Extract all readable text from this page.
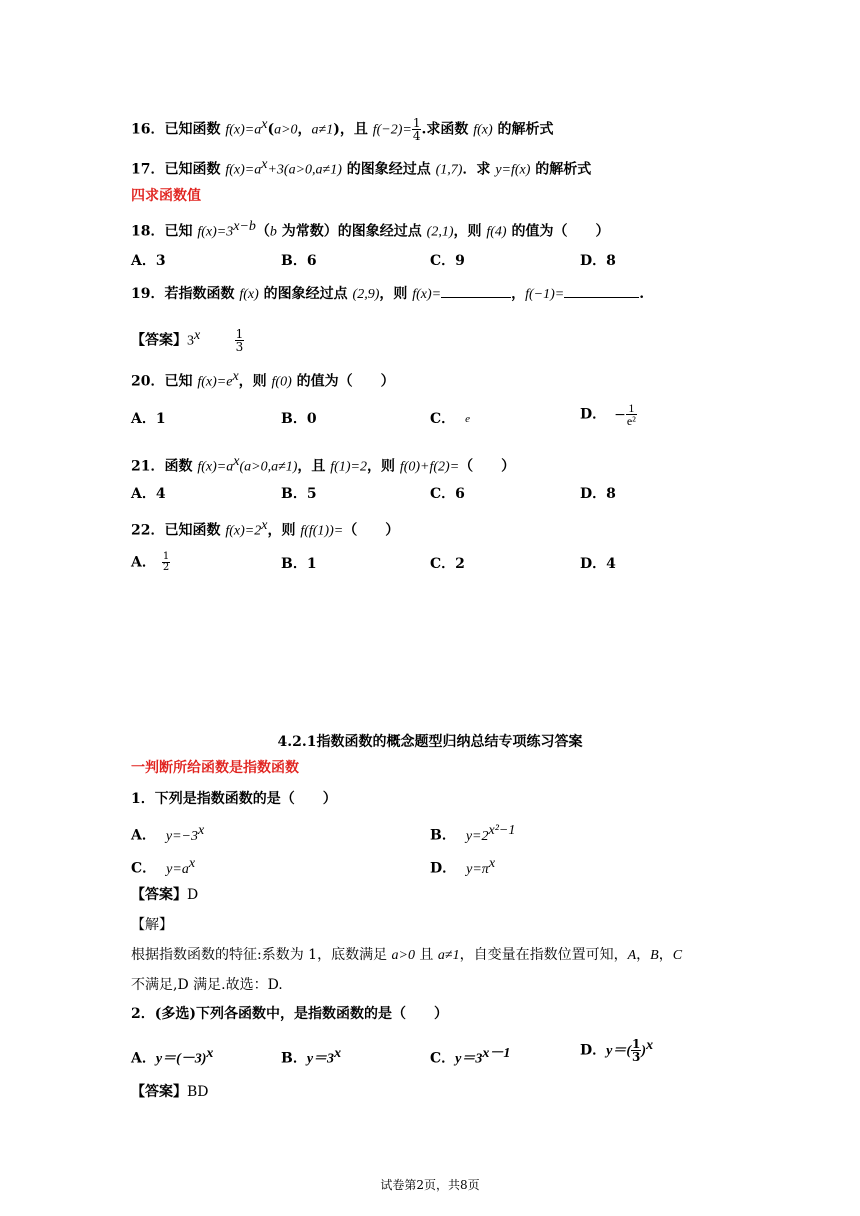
16．已知函数 $f(x)=a^x(a>0$，a≠1)，且 $f(-2)= \frac{1}{4}$ .求函数 f(x) 的解析式
17．已知函数 $f(x)=a^x+3(a>0,a\ne 1)$ 的图象经过点 (1,7)．求 y=f(x) 的解析式
四求函数值
18．已知 $f(x)=3^{x-b}(b$ 为常数）的图象经过点 (2,1)，则 f(4) 的值为（　　）
A．3	B．6	C．9	D．8
19．若指数函数 f(x) 的图象经过点 (2,9)，则 f(x)=	，f(−1)=	.
【答案】3$^x$	$\frac{1}{3}$
20．已知 $f(x)=e^x$，则 f(0) 的值为（　　）
A．1	B．0	C． $^e$	D． − $\frac{1}{\text{e²}}$
21．函数 $f(x)=a^x(a>0,a\ne 1)$，且 f(1)=2，则 f(0)+f(2)=（　　）
A．4	B．5	C．6	D．8
22．已知函数 $f(x)=2^x$，则 f(f(1))=（　　）
A． $\frac{1}{2}$	B．1	C．2	D．4
4.2.1指数函数的概念题型归纳总结专项练习答案
一判断所给函数是指数函数
1．下列是指数函数的是（　　）
A． $y=-3^x$	B． $y=2^{x^2-1}$
C． $y=a^x$	D． $y=\pi^x$
【答案】D
【解】
根据指数函数的特征:系数为 1，底数满足 a>0 且 a≠1，自变量在指数位置可知，A，B，C
不满足,D 满足.故选：D.
2．(多选)下列各函数中，是指数函数的是（　　）
A．$y=(-3)^x$	B．$y=3^x$	C．$y=3^{x-1}$	D．$y=( \frac{1}{3} )^x$
【答案】BD
试卷第2页，共8页
